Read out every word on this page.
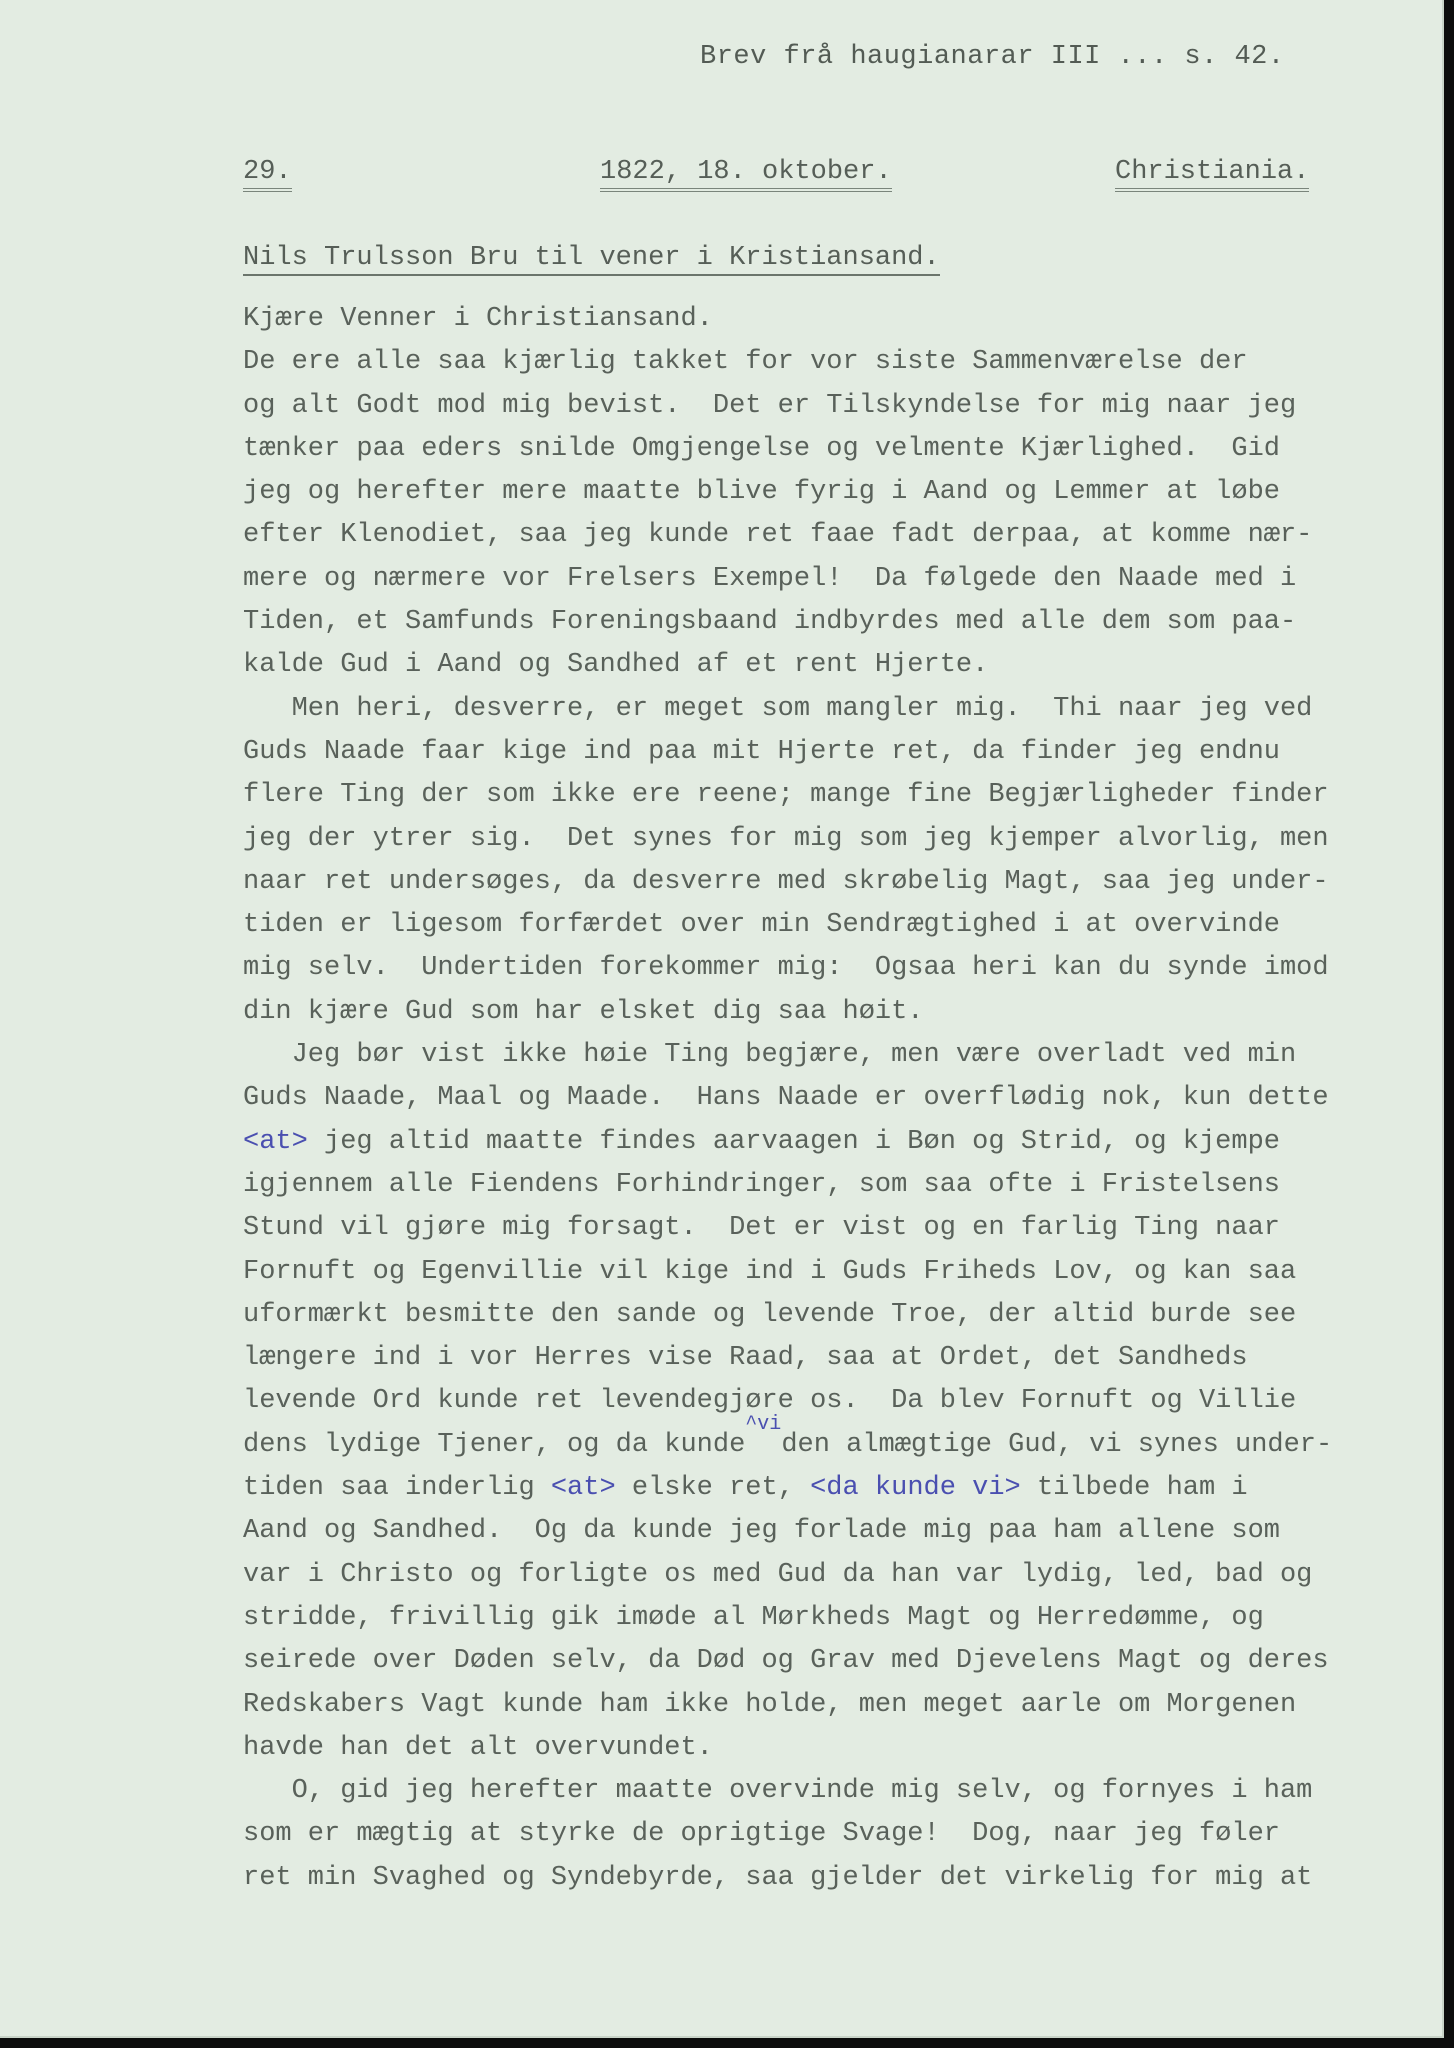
Brev frå haugianarar III ... s. 42.
29.	1822, 18. oktober.	Christiania.
Nils Trulsson Bru til vener i Kristiansand.
Kjære Venner i Christiansand.
De ere alle saa kjærlig takket for vor siste Sammenværelse der
og alt Godt mod mig bevist.  Det er Tilskyndelse for mig naar jeg
tænker paa eders snilde Omgjengelse og velmente Kjærlighed.  Gid
jeg og herefter mere maatte blive fyrig i Aand og Lemmer at løbe
efter Klenodiet, saa jeg kunde ret faae fadt derpaa, at komme nær-
mere og nærmere vor Frelsers Exempel!  Da følgede den Naade med i
Tiden, et Samfunds Foreningsbaand indbyrdes med alle dem som paa-
kalde Gud i Aand og Sandhed af et rent Hjerte.
Men heri, desverre, er meget som mangler mig.  Thi naar jeg ved
Guds Naade faar kige ind paa mit Hjerte ret, da finder jeg endnu
flere Ting der som ikke ere reene; mange fine Begjærligheder finder
jeg der ytrer sig.  Det synes for mig som jeg kjemper alvorlig, men
naar ret undersøges, da desverre med skrøbelig Magt, saa jeg under-
tiden er ligesom forfærdet over min Sendrægtighed i at overvinde
mig selv.  Undertiden forekommer mig:  Ogsaa heri kan du synde imod
din kjære Gud som har elsket dig saa høit.
Jeg bør vist ikke høie Ting begjære, men være overladt ved min
Guds Naade, Maal og Maade.  Hans Naade er overflødig nok, kun dette
<at> jeg altid maatte findes aarvaagen i Bøn og Strid, og kjempe
igjennem alle Fiendens Forhindringer, som saa ofte i Fristelsens
Stund vil gjøre mig forsagt.  Det er vist og en farlig Ting naar
Fornuft og Egenvillie vil kige ind i Guds Friheds Lov, og kan saa
uformærkt besmitte den sande og levende Troe, der altid burde see
længere ind i vor Herres vise Raad, saa at Ordet, det Sandheds
levende Ord kunde ret levendegjøre os.  Da blev Fornuft og Villie
dens lydige Tjener, og da kunde$^{\^{}vi}$den almægtige Gud, vi synes under-
tiden saa inderlig <at> elske ret, <da kunde vi> tilbede ham i
Aand og Sandhed.  Og da kunde jeg forlade mig paa ham allene som
var i Christo og forligte os med Gud da han var lydig, led, bad og
stridde, frivillig gik imøde al Mørkheds Magt og Herredømme, og
seirede over Døden selv, da Død og Grav med Djevelens Magt og deres
Redskabers Vagt kunde ham ikke holde, men meget aarle om Morgenen
havde han det alt overvundet.
O, gid jeg herefter maatte overvinde mig selv, og fornyes i ham
som er mægtig at styrke de oprigtige Svage!  Dog, naar jeg føler
ret min Svaghed og Syndebyrde, saa gjelder det virkelig for mig at
